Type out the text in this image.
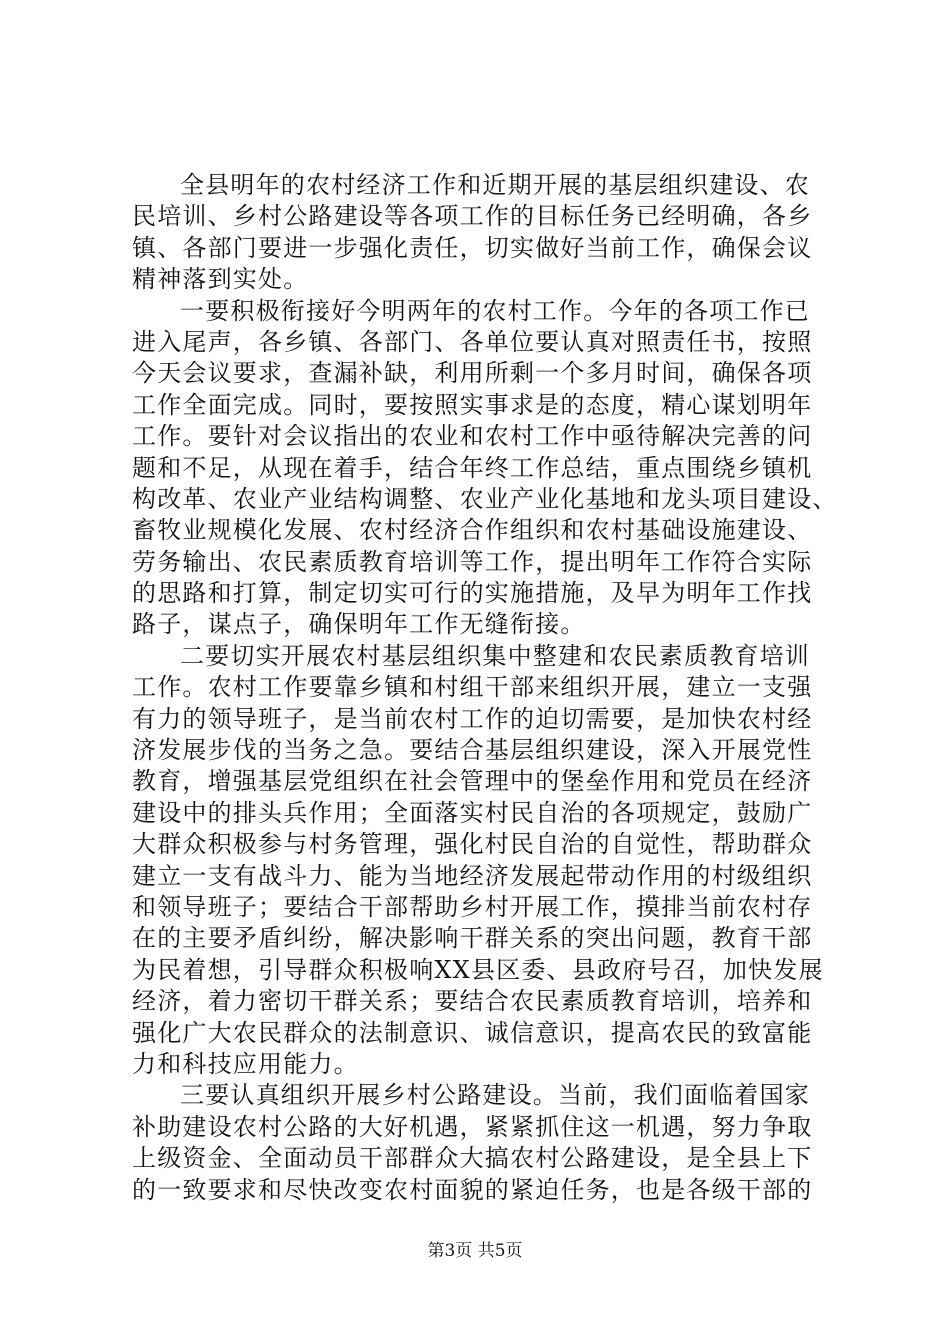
全县明年的农村经济工作和近期开展的基层组织建设、农
民培训、乡村公路建设等各项工作的目标任务已经明确，各乡
镇、各部门要进一步强化责任，切实做好当前工作，确保会议
精神落到实处。
一要积极衔接好今明两年的农村工作。今年的各项工作已
进入尾声，各乡镇、各部门、各单位要认真对照责任书，按照
今天会议要求，查漏补缺，利用所剩一个多月时间，确保各项
工作全面完成。同时，要按照实事求是的态度，精心谋划明年
工作。要针对会议指出的农业和农村工作中亟待解决完善的问
题和不足，从现在着手，结合年终工作总结，重点围绕乡镇机
构改革、农业产业结构调整、农业产业化基地和龙头项目建设、
畜牧业规模化发展、农村经济合作组织和农村基础设施建设、
劳务输出、农民素质教育培训等工作，提出明年工作符合实际
的思路和打算，制定切实可行的实施措施，及早为明年工作找
路子，谋点子，确保明年工作无缝衔接。
二要切实开展农村基层组织集中整建和农民素质教育培训
工作。农村工作要靠乡镇和村组干部来组织开展，建立一支强
有力的领导班子，是当前农村工作的迫切需要，是加快农村经
济发展步伐的当务之急。要结合基层组织建设，深入开展党性
教育，增强基层党组织在社会管理中的堡垒作用和党员在经济
建设中的排头兵作用；全面落实村民自治的各项规定，鼓励广
大群众积极参与村务管理，强化村民自治的自觉性，帮助群众
建立一支有战斗力、能为当地经济发展起带动作用的村级组织
和领导班子；要结合干部帮助乡村开展工作，摸排当前农村存
在的主要矛盾纠纷，解决影响干群关系的突出问题，教育干部
为民着想，引导群众积极响XX县区委、县政府号召，加快发展
经济，着力密切干群关系；要结合农民素质教育培训，培养和
强化广大农民群众的法制意识、诚信意识，提高农民的致富能
力和科技应用能力。
三要认真组织开展乡村公路建设。当前，我们面临着国家
补助建设农村公路的大好机遇，紧紧抓住这一机遇，努力争取
上级资金、全面动员干部群众大搞农村公路建设，是全县上下
的一致要求和尽快改变农村面貌的紧迫任务，也是各级干部的
第3页 共5页
